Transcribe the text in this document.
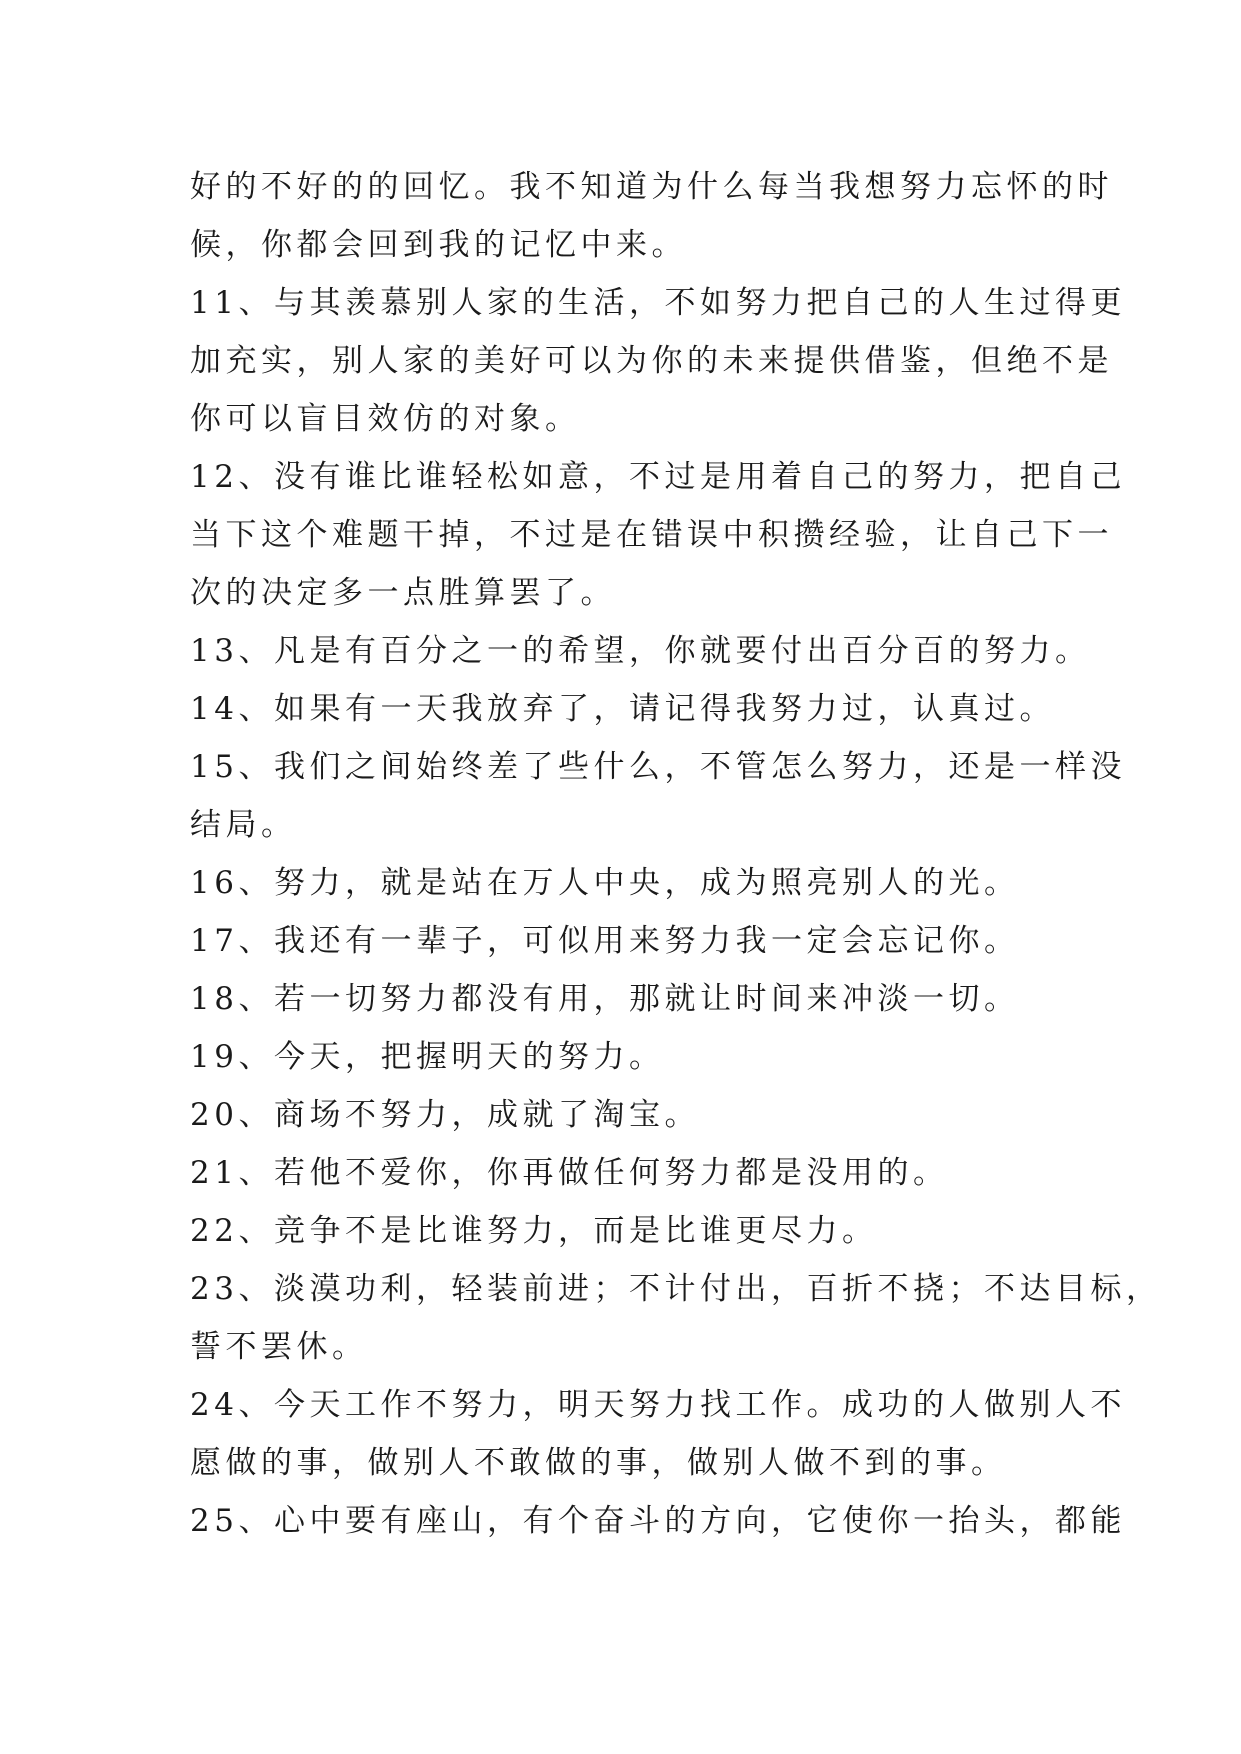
好的不好的的回忆。我不知道为什么每当我想努力忘怀的时
候，你都会回到我的记忆中来。
11、与其羡慕别人家的生活，不如努力把自己的人生过得更
加充实，别人家的美好可以为你的未来提供借鉴，但绝不是
你可以盲目效仿的对象。
12、没有谁比谁轻松如意，不过是用着自己的努力，把自己
当下这个难题干掉，不过是在错误中积攒经验，让自己下一
次的决定多一点胜算罢了。
13、凡是有百分之一的希望，你就要付出百分百的努力。
14、如果有一天我放弃了，请记得我努力过，认真过。
15、我们之间始终差了些什么，不管怎么努力，还是一样没
结局。
16、努力，就是站在万人中央，成为照亮别人的光。
17、我还有一辈子，可似用来努力我一定会忘记你。
18、若一切努力都没有用，那就让时间来冲淡一切。
19、今天，把握明天的努力。
20、商场不努力，成就了淘宝。
21、若他不爱你，你再做任何努力都是没用的。
22、竞争不是比谁努力，而是比谁更尽力。
23、淡漠功利，轻装前进；不计付出，百折不挠；不达目标，
誓不罢休。
24、今天工作不努力，明天努力找工作。成功的人做别人不
愿做的事，做别人不敢做的事，做别人做不到的事。
25、心中要有座山，有个奋斗的方向，它使你一抬头，都能
